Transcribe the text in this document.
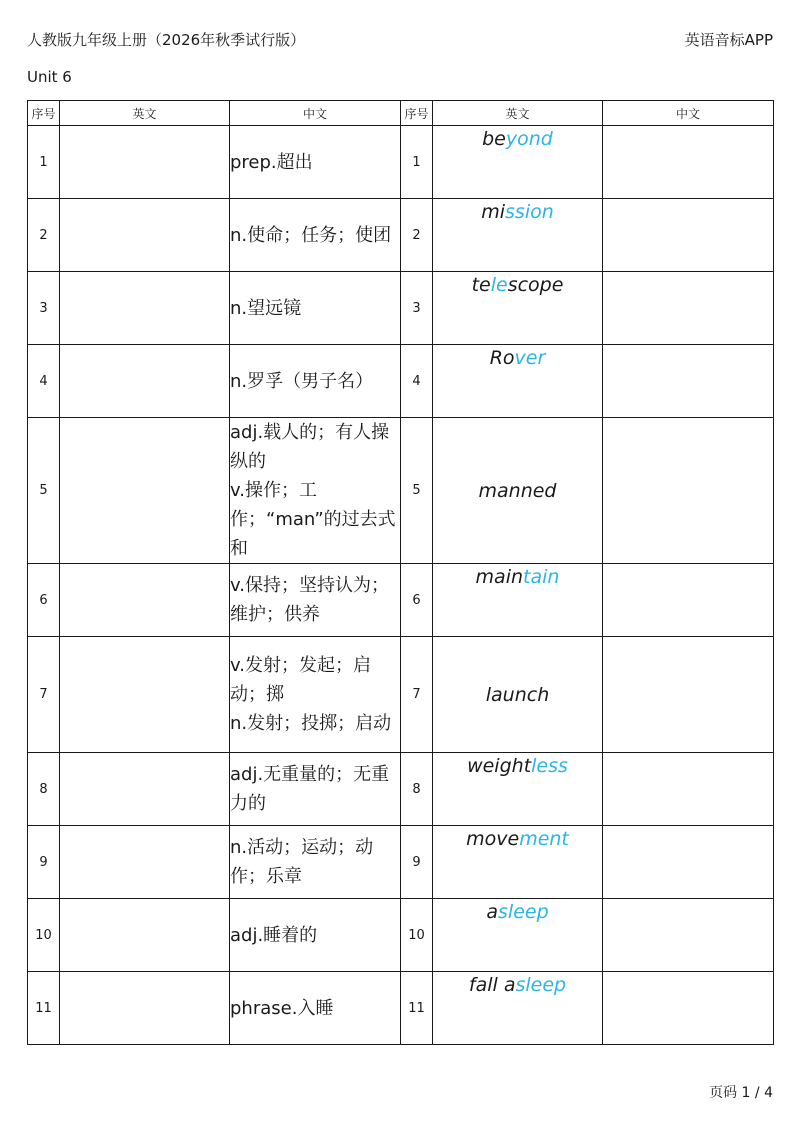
人教版九年级上册（2026年秋季试行版）	英语音标APP
Unit 6
序号	英文	中文	序号	英文	中文
1		prep.超出	1	beyond	
2		n.使命；任务；使团	2	mission	
3		n.望远镜	3	telescope	
4		n.罗孚（男子名）	4	Rover	
5		adj.载人的；有人操纵的
v.操作；工作；“man”的过去式和	5	manned	
6		v.保持；坚持认为；维护；供养	6	maintain	
7		v.发射；发起；启动；掷
n.发射；投掷；启动	7	launch	
8		adj.无重量的；无重力的	8	weightless	
9		n.活动；运动；动作；乐章	9	movement	
10		adj.睡着的	10	asleep	
11		phrase.入睡	11	fall asleep	
页码 1 / 4
